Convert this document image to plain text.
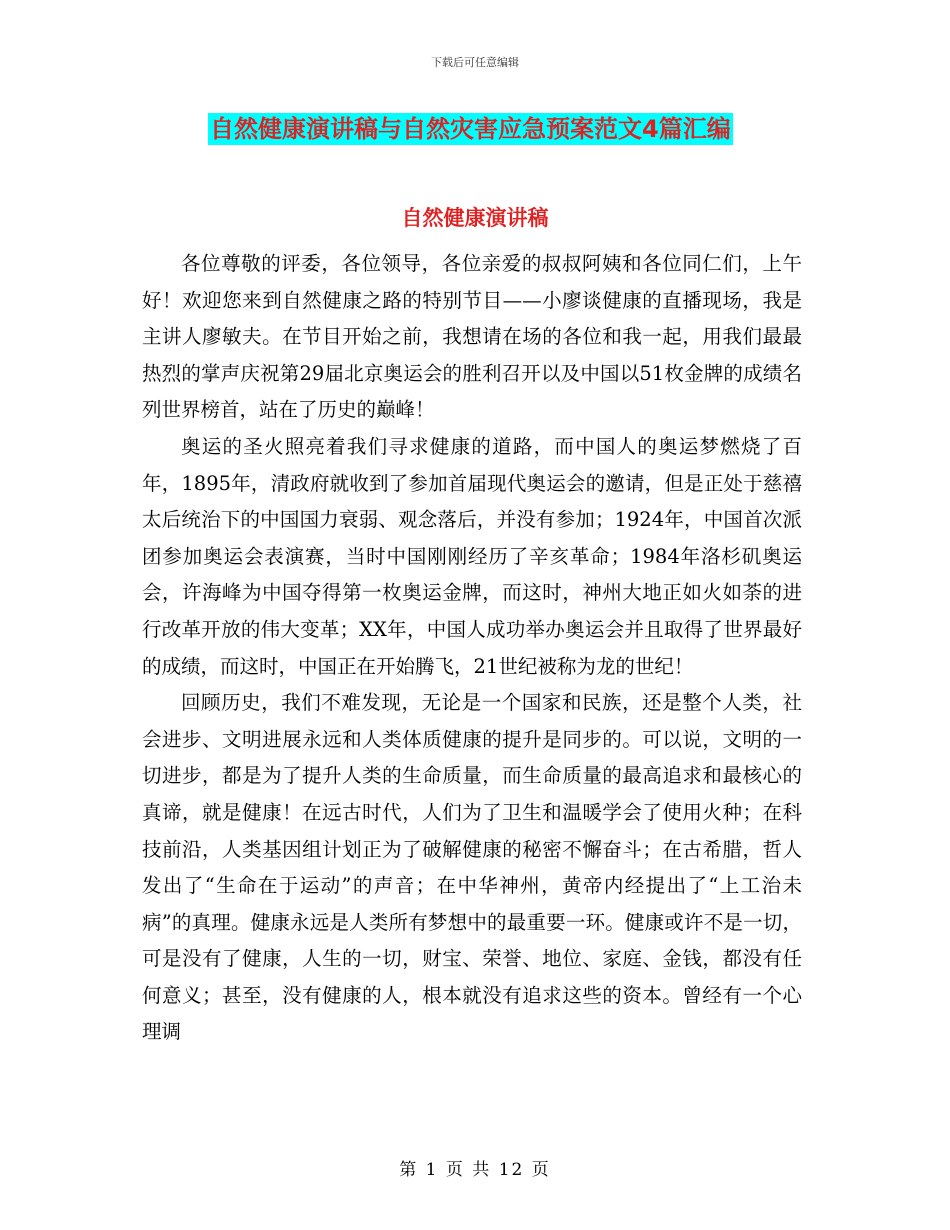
下载后可任意编辑
自然健康演讲稿与自然灾害应急预案范文4篇汇编
自然健康演讲稿

各位尊敬的评委，各位领导，各位亲爱的叔叔阿姨和各位同仁们，上午好！欢迎您来到自然健康之路的特别节目——小廖谈健康的直播现场，我是主讲人廖敏夫。在节目开始之前，我想请在场的各位和我一起，用我们最最热烈的掌声庆祝第29届北京奥运会的胜利召开以及中国以51枚金牌的成绩名列世界榜首，站在了历史的巅峰！

奥运的圣火照亮着我们寻求健康的道路，而中国人的奥运梦燃烧了百年，1895年，清政府就收到了参加首届现代奥运会的邀请，但是正处于慈禧太后统治下的中国国力衰弱、观念落后，并没有参加；1924年，中国首次派团参加奥运会表演赛，当时中国刚刚经历了辛亥革命；1984年洛杉矶奥运会，许海峰为中国夺得第一枚奥运金牌，而这时，神州大地正如火如荼的进行改革开放的伟大变革；XX年，中国人成功举办奥运会并且取得了世界最好的成绩，而这时，中国正在开始腾飞，21世纪被称为龙的世纪！

回顾历史，我们不难发现，无论是一个国家和民族，还是整个人类，社会进步、文明进展永远和人类体质健康的提升是同步的。可以说，文明的一切进步，都是为了提升人类的生命质量，而生命质量的最高追求和最核心的真谛，就是健康！在远古时代，人们为了卫生和温暖学会了使用火种；在科技前沿，人类基因组计划正为了破解健康的秘密不懈奋斗；在古希腊，哲人发出了“生命在于运动”的声音；在中华神州，黄帝内经提出了“上工治未病”的真理。健康永远是人类所有梦想中的最重要一环。健康或许不是一切，可是没有了健康，人生的一切，财宝、荣誉、地位、家庭、金钱，都没有任何意义；甚至，没有健康的人，根本就没有追求这些的资本。曾经有一个心理调

第 1 页 共 12 页
